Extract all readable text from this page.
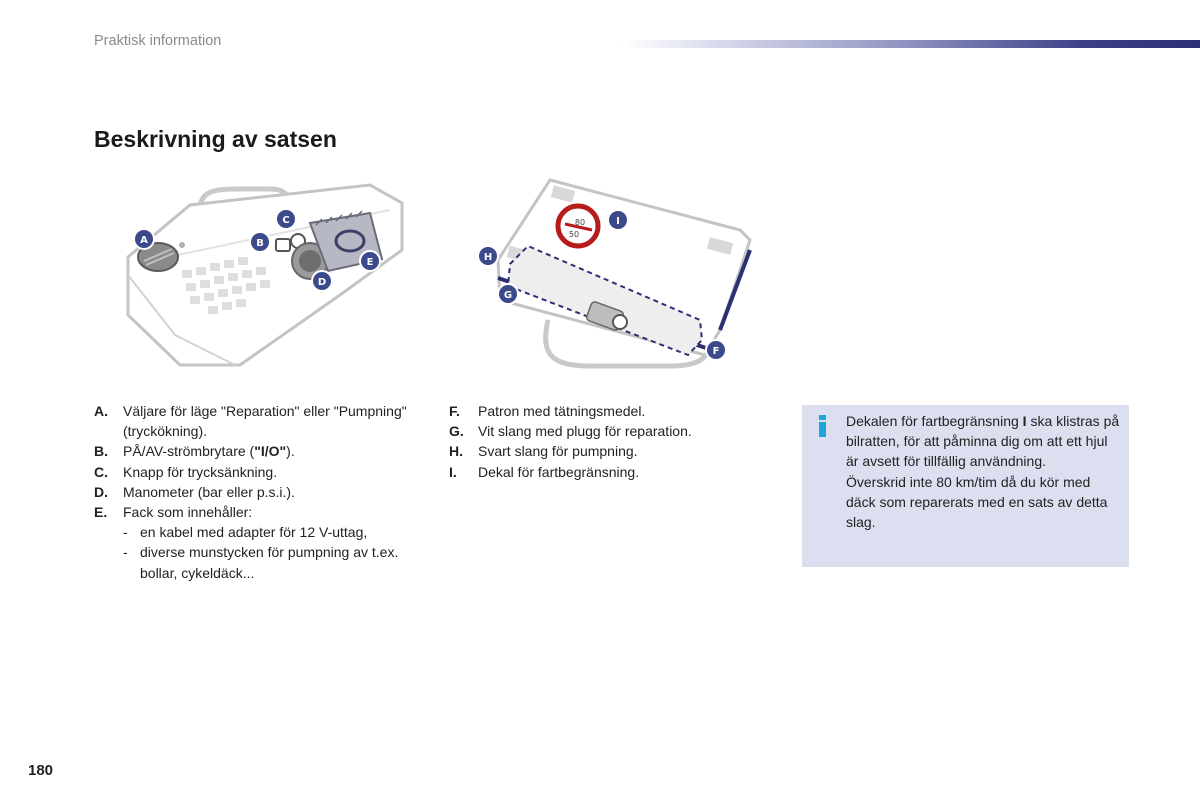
Praktisk information
Beskrivning av satsen
A	B
C
D
E
80
50
H
I
G
F
A.	Väljare för läge "Reparation" eller "Pumpning" (tryckökning).
B.	PÅ/AV-strömbrytare ("I/O").
C.	Knapp för trycksänkning.
D.	Manometer (bar eller p.s.i.).
E.	Fack som innehåller:
- en kabel med adapter för 12 V-uttag,
- diverse munstycken för pumpning av t.ex. bollar, cykeldäck...
F.	Patron med tätningsmedel.
G.	Vit slang med plugg för reparation.
H.	Svart slang för pumpning.
I.	Dekal för fartbegränsning.

Dekalen för fartbegränsning I ska klistras på bilratten, för att påminna dig om att ett hjul är avsett för tillfällig användning.

Överskrid inte 80 km/tim då du kör med däck som reparerats med en sats av detta slag.

180
